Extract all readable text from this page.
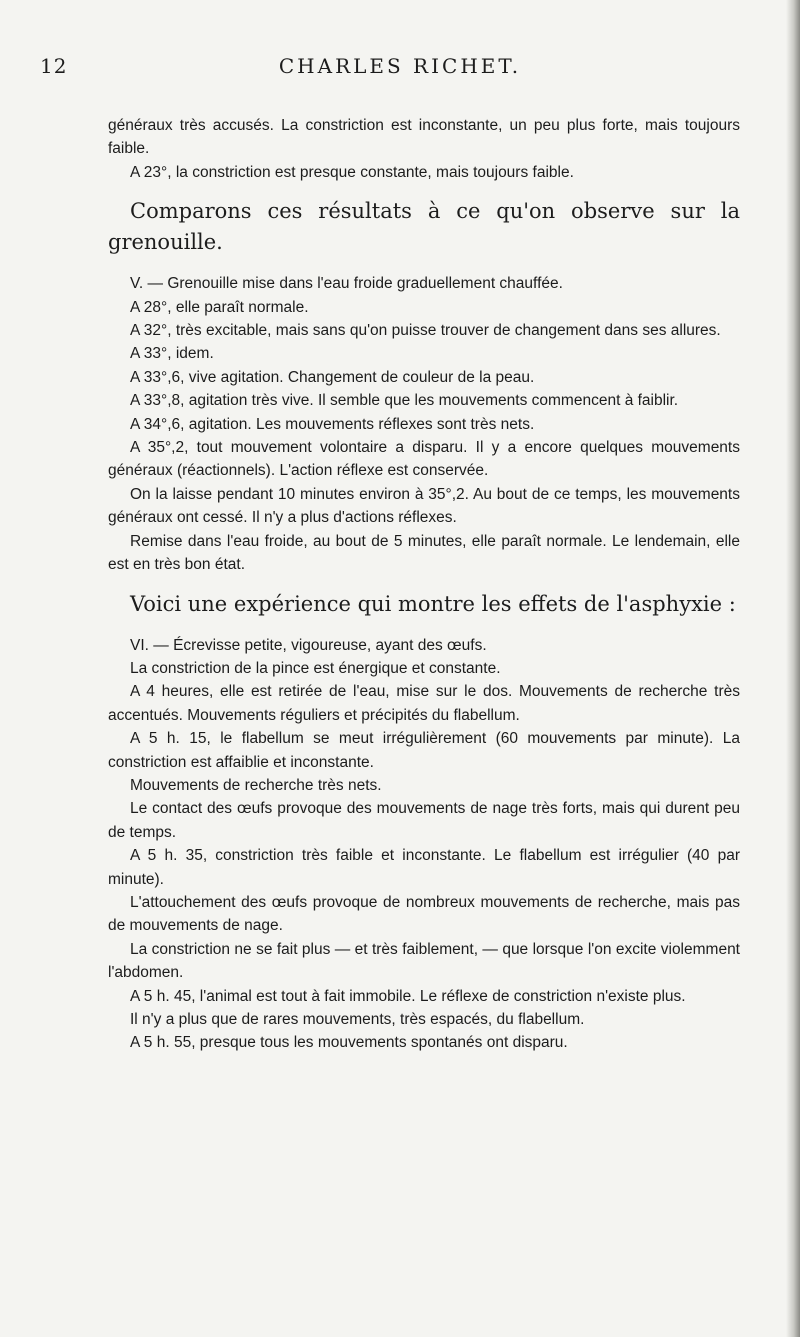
12	CHARLES RICHET.

généraux très accusés. La constriction est inconstante, un peu plus forte, mais toujours faible.

A 23°, la constriction est presque constante, mais toujours faible.

Comparons ces résultats à ce qu'on observe sur la grenouille.

V. — Grenouille mise dans l'eau froide graduellement chauffée.

A 28°, elle paraît normale.

A 32°, très excitable, mais sans qu'on puisse trouver de changement dans ses allures.

A 33°, idem.

A 33°,6, vive agitation. Changement de couleur de la peau.

A 33°,8, agitation très vive. Il semble que les mouvements commencent à faiblir.

A 34°,6, agitation. Les mouvements réflexes sont très nets.

A 35°,2, tout mouvement volontaire a disparu. Il y a encore quelques mouvements généraux (réactionnels). L'action réflexe est conservée.

On la laisse pendant 10 minutes environ à 35°,2. Au bout de ce temps, les mouvements généraux ont cessé. Il n'y a plus d'actions réflexes.

Remise dans l'eau froide, au bout de 5 minutes, elle paraît normale. Le lendemain, elle est en très bon état.

Voici une expérience qui montre les effets de l'asphyxie :

VI. — Écrevisse petite, vigoureuse, ayant des œufs.

La constriction de la pince est énergique et constante.

A 4 heures, elle est retirée de l'eau, mise sur le dos. Mouvements de recherche très accentués. Mouvements réguliers et précipités du flabellum.

A 5 h. 15, le flabellum se meut irrégulièrement (60 mouvements par minute). La constriction est affaiblie et inconstante.

Mouvements de recherche très nets.

Le contact des œufs provoque des mouvements de nage très forts, mais qui durent peu de temps.

A 5 h. 35, constriction très faible et inconstante. Le flabellum est irrégulier (40 par minute).

L'attouchement des œufs provoque de nombreux mouvements de recherche, mais pas de mouvements de nage.

La constriction ne se fait plus — et très faiblement, — que lorsque l'on excite violemment l'abdomen.

A 5 h. 45, l'animal est tout à fait immobile. Le réflexe de constriction n'existe plus.

Il n'y a plus que de rares mouvements, très espacés, du flabellum.

A 5 h. 55, presque tous les mouvements spontanés ont disparu.
